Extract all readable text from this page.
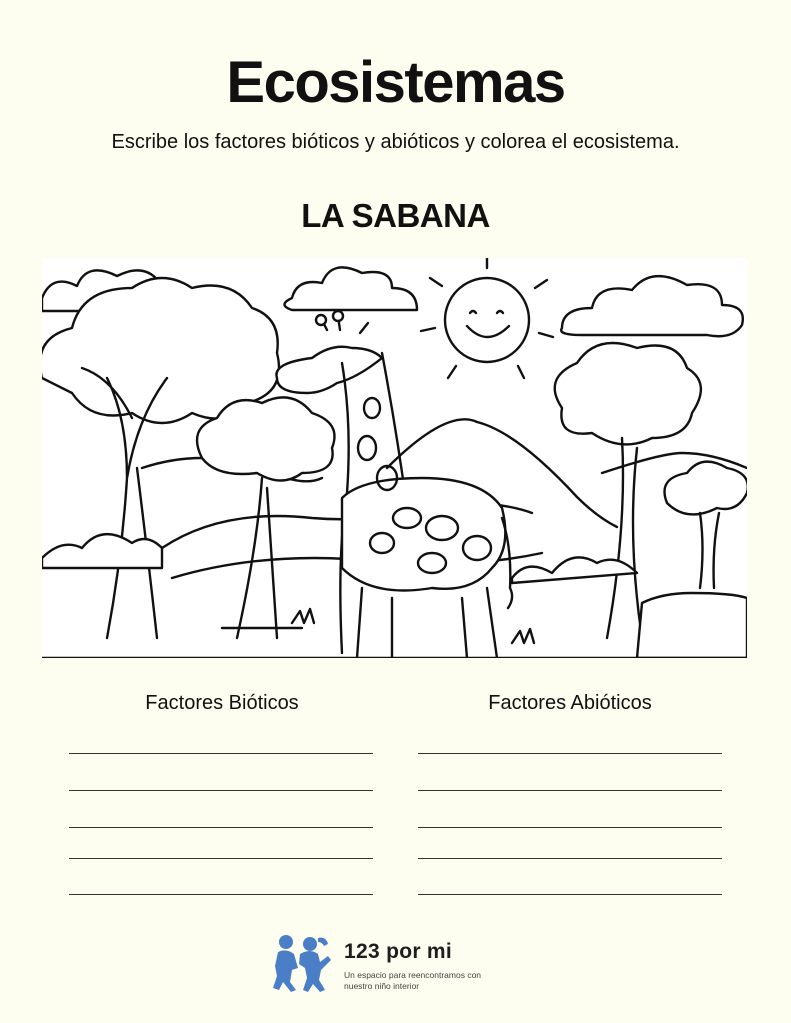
Ecosistemas
Escribe los factores bióticos y abióticos y colorea el ecosistema.
LA SABANA
Factores Bióticos	Factores Abióticos
123 por mi
Un espacio para reencontramos con nuestro niño interior
